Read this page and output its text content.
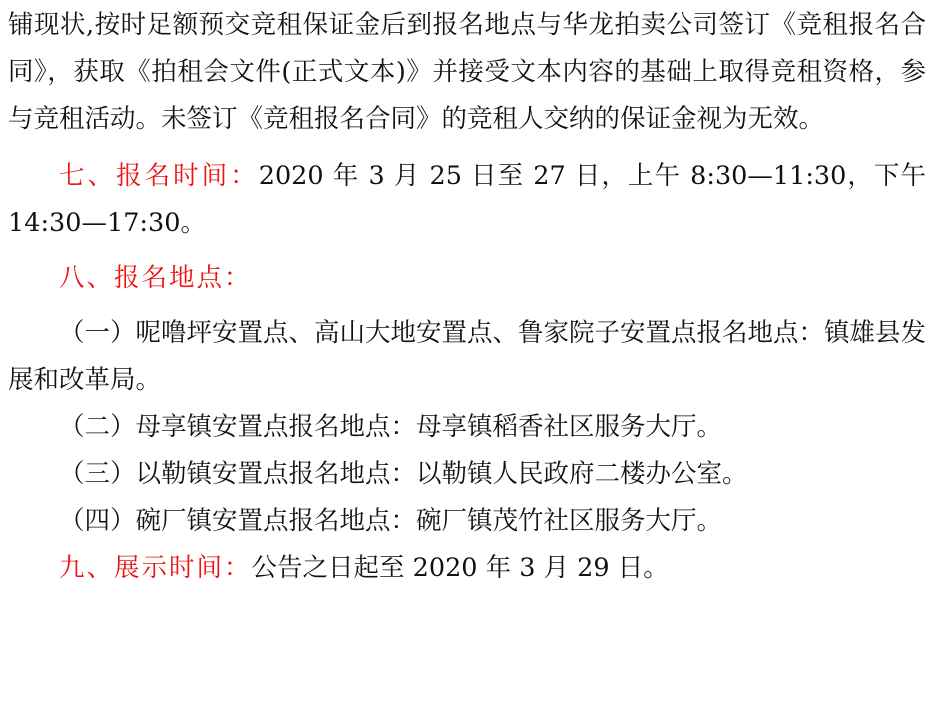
铺现状,按时足额预交竞租保证金后到报名地点与华龙拍卖公司签订《竞租报名合同》，获取《拍租会文件(正式文本)》并接受文本内容的基础上取得竞租资格，参与竞租活动。未签订《竞租报名合同》的竞租人交纳的保证金视为无效。

七、报名时间：2020 年 3 月 25 日至 27 日，上午 8:30—11:30，下午 14:30—17:30。

八、报名地点：

（一）呢噜坪安置点、高山大地安置点、鲁家院子安置点报名地点：镇雄县发展和改革局。

（二）母享镇安置点报名地点：母享镇稻香社区服务大厅。

（三）以勒镇安置点报名地点：以勒镇人民政府二楼办公室。

（四）碗厂镇安置点报名地点：碗厂镇茂竹社区服务大厅。

九、展示时间：公告之日起至 2020 年 3 月 29 日。
